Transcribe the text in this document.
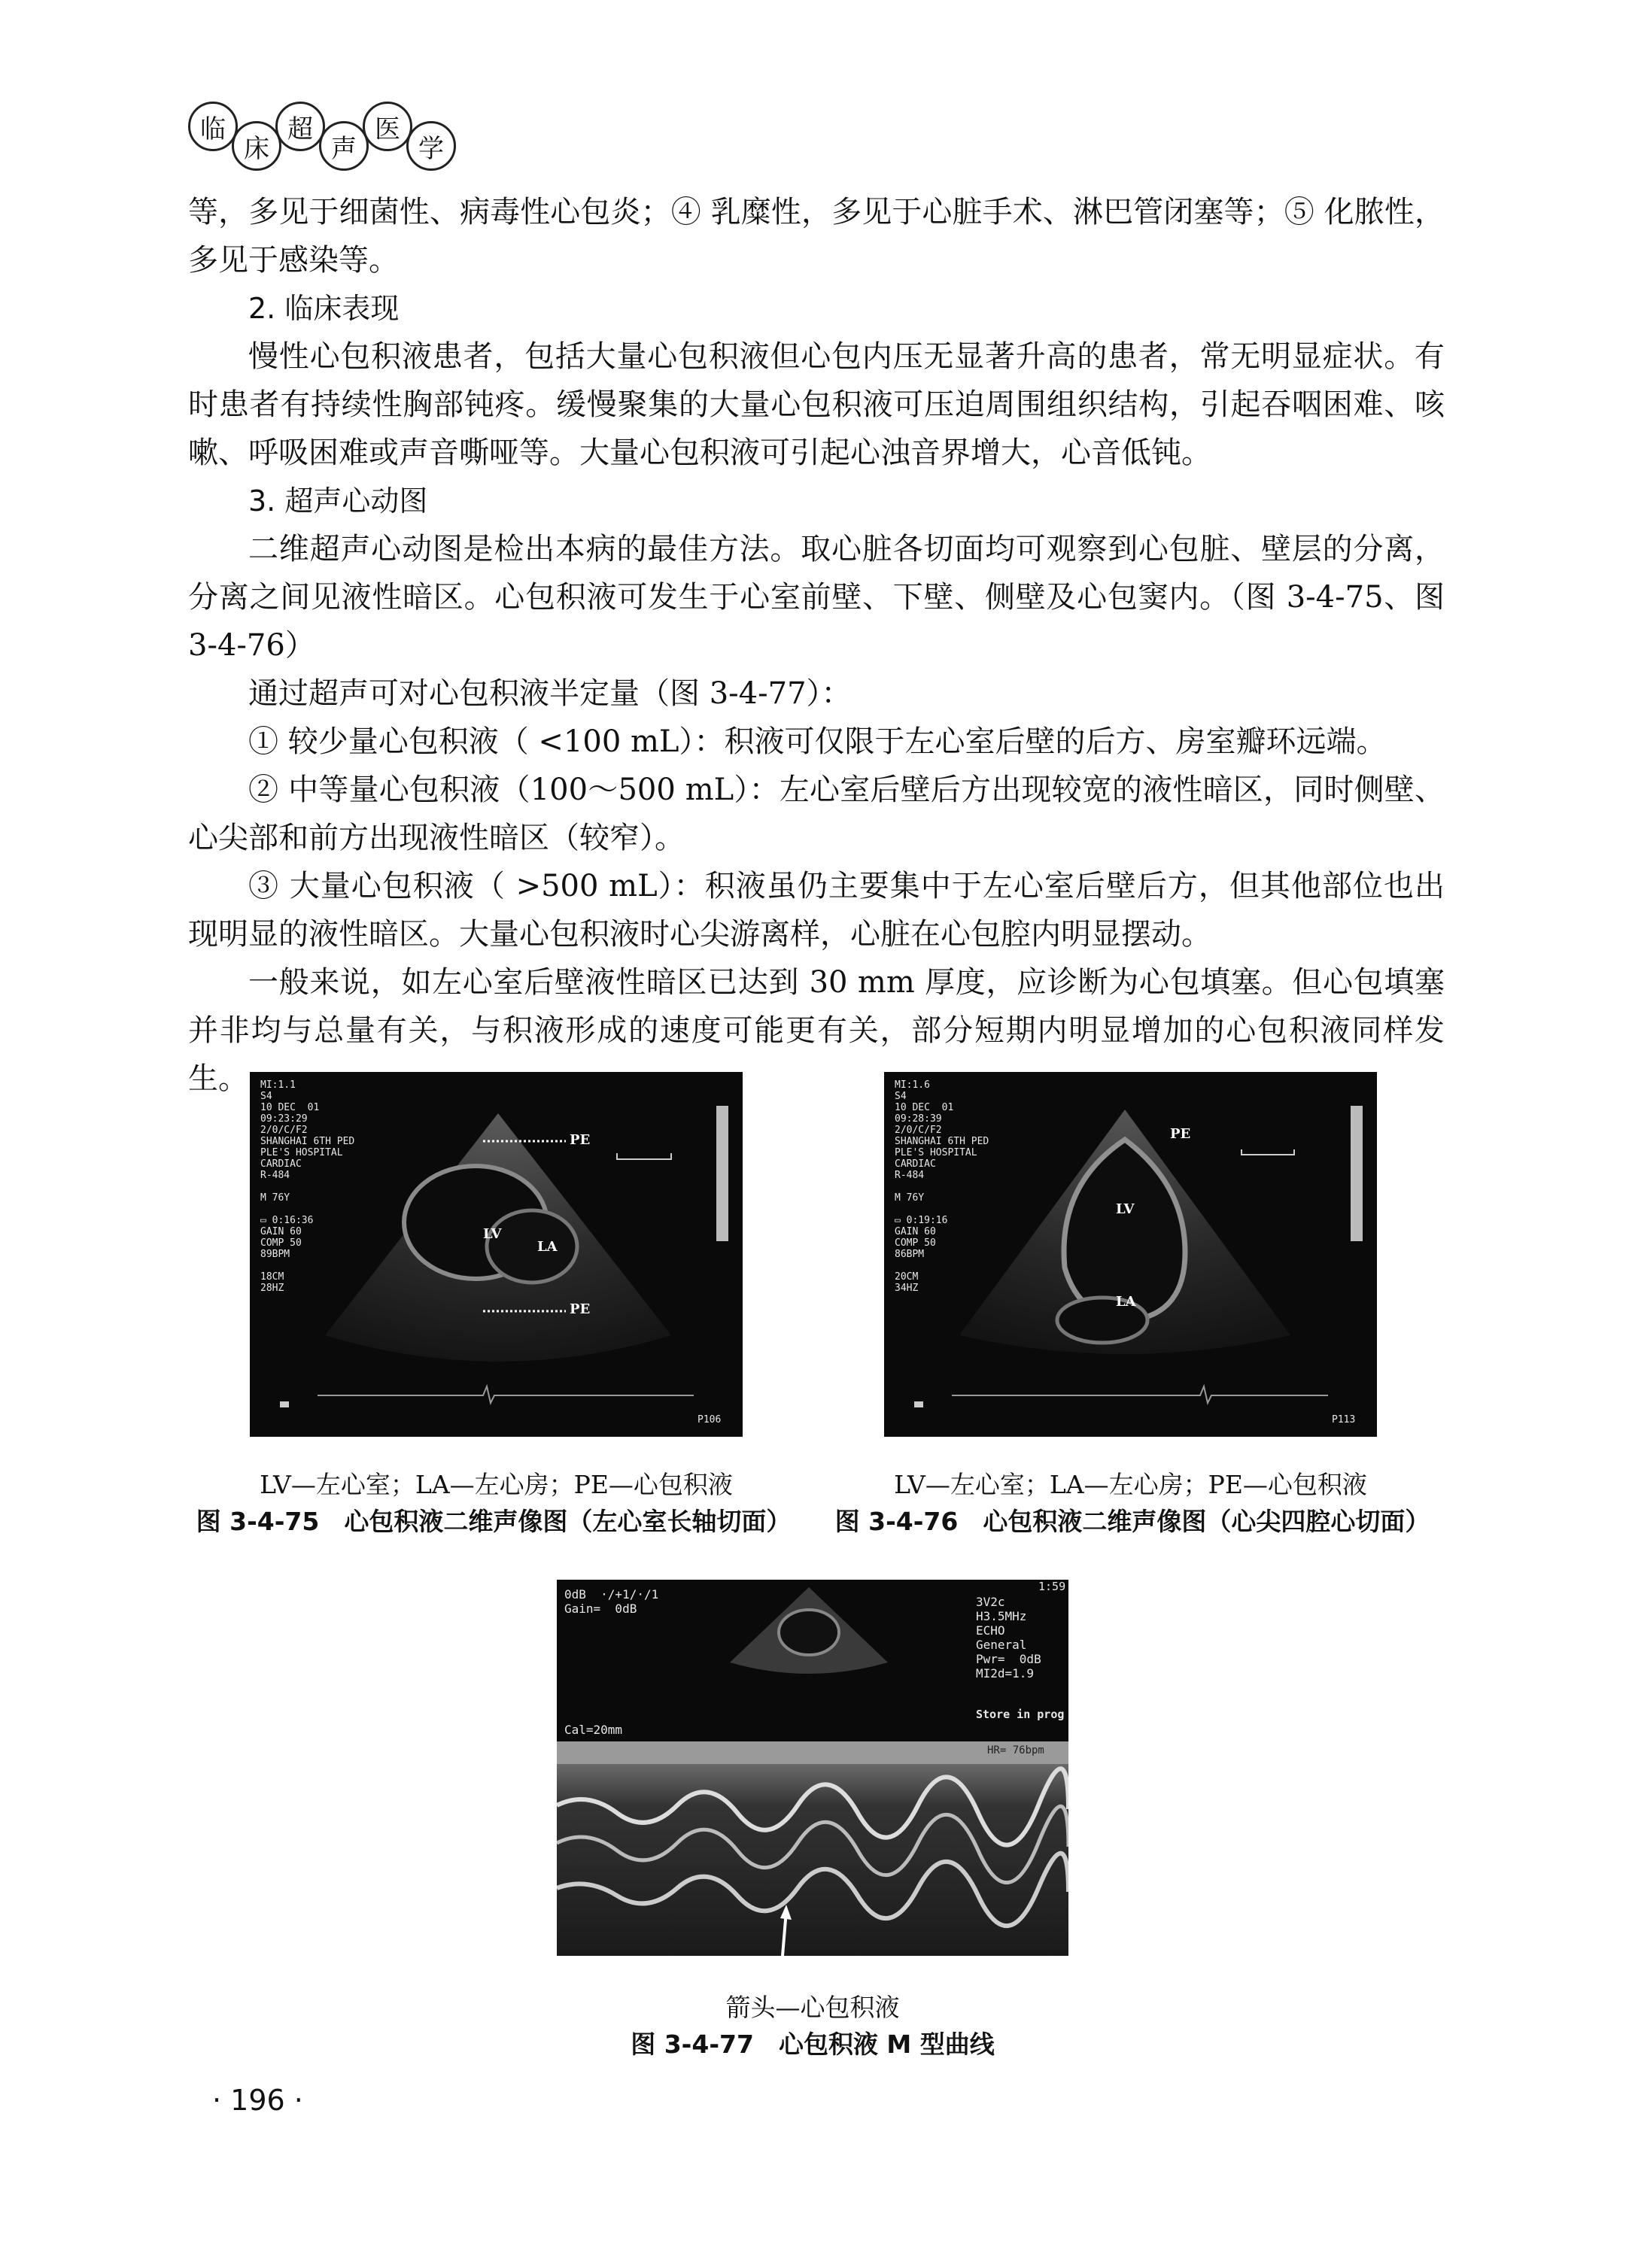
临
床
超
声
医
学

等，多见于细菌性、病毒性心包炎；④ 乳糜性，多见于心脏手术、淋巴管闭塞等；⑤ 化脓性，多见于感染等。

2. 临床表现

慢性心包积液患者，包括大量心包积液但心包内压无显著升高的患者，常无明显症状。有时患者有持续性胸部钝疼。缓慢聚集的大量心包积液可压迫周围组织结构，引起吞咽困难、咳嗽、呼吸困难或声音嘶哑等。大量心包积液可引起心浊音界增大，心音低钝。

3. 超声心动图

二维超声心动图是检出本病的最佳方法。取心脏各切面均可观察到心包脏、壁层的分离，分离之间见液性暗区。心包积液可发生于心室前壁、下壁、侧壁及心包窦内。（图 3-4-75、图 3-4-76）

通过超声可对心包积液半定量（图 3-4-77）：

① 较少量心包积液（ <100 mL）：积液可仅限于左心室后壁的后方、房室瓣环远端。

② 中等量心包积液（100～500 mL）：左心室后壁后方出现较宽的液性暗区，同时侧壁、心尖部和前方出现液性暗区（较窄）。

③ 大量心包积液（ >500 mL）：积液虽仍主要集中于左心室后壁后方，但其他部位也出现明显的液性暗区。大量心包积液时心尖游离样，心脏在心包腔内明显摆动。

一般来说，如左心室后壁液性暗区已达到 30 mm 厚度，应诊断为心包填塞。但心包填塞并非均与总量有关，与积液形成的速度可能更有关，部分短期内明显增加的心包积液同样发生。	MI:1.1
S4
10 DEC  01
09:23:29
2/0/C/F2
SHANGHAI 6TH PED
PLE'S HOSPITAL
CARDIAC
R-484

M 76Y

▭ 0:16:36
GAIN 60
COMP 50
89BPM

18CM
28HZ
PE
LV
LA
PE
P106
LV—左心室；LA—左心房；PE—心包积液
图 3-4-75　心包积液二维声像图（左心室长轴切面）
MI:1.6
S4
10 DEC  01
09:28:39
2/0/C/F2
SHANGHAI 6TH PED
PLE'S HOSPITAL
CARDIAC
R-484

M 76Y

▭ 0:19:16
GAIN 60
COMP 50
86BPM

20CM
34HZ
PE
LV
LA
P113
LV—左心室；LA—左心房；PE—心包积液
图 3-4-76　心包积液二维声像图（心尖四腔心切面）
0dB  ·/+1/·/1
Gain=  0dB
Cal=20mm
3V2c
H3.5MHz
ECHO
General
Pwr=  0dB
MI2d=1.9
Store in prog
HR= 76bpm
1:59
箭头—心包积液
图 3-4-77　心包积液 M 型曲线
· 196 ·
